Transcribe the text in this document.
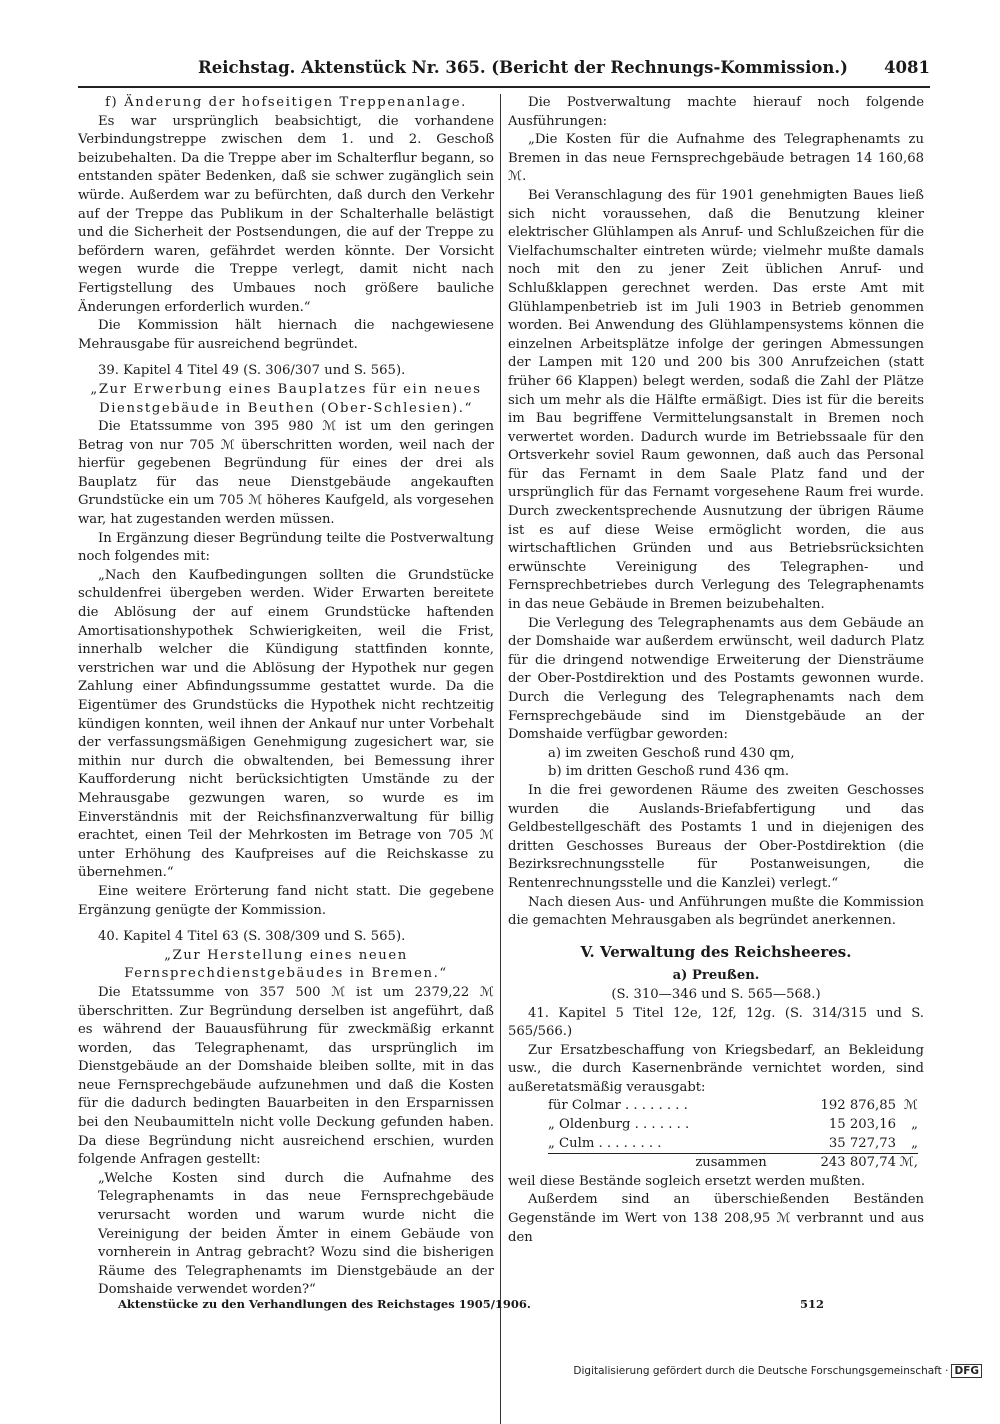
Reichstag. Aktenstück Nr. 365. (Bericht der Rechnungs-Kommission.) 4081

f) Änderung der hofseitigen Treppenanlage.

Es war ursprünglich beabsichtigt, die vorhandene Verbindungstreppe zwischen dem 1. und 2. Geschoß beizubehalten. Da die Treppe aber im Schalterflur begann, so entstanden später Bedenken, daß sie schwer zugänglich sein würde. Außerdem war zu befürchten, daß durch den Verkehr auf der Treppe das Publikum in der Schalterhalle belästigt und die Sicherheit der Postsendungen, die auf der Treppe zu befördern waren, gefährdet werden könnte. Der Vorsicht wegen wurde die Treppe verlegt, damit nicht nach Fertigstellung des Umbaues noch größere bauliche Änderungen erforderlich wurden.“

Die Kommission hält hiernach die nachgewiesene Mehrausgabe für ausreichend begründet.

39. Kapitel 4 Titel 49 (S. 306/307 und S. 565).

„Zur Erwerbung eines Bauplatzes für ein neues Dienstgebäude in Beuthen (Ober-Schlesien).“

Die Etatssumme von 395 980 ℳ ist um den geringen Betrag von nur 705 ℳ überschritten worden, weil nach der hierfür gegebenen Begründung für eines der drei als Bauplatz für das neue Dienstgebäude angekauften Grundstücke ein um 705 ℳ höheres Kaufgeld, als vorgesehen war, hat zugestanden werden müssen.

In Ergänzung dieser Begründung teilte die Postverwaltung noch folgendes mit:

„Nach den Kaufbedingungen sollten die Grundstücke schuldenfrei übergeben werden. Wider Erwarten bereitete die Ablösung der auf einem Grundstücke haftenden Amortisationshypothek Schwierigkeiten, weil die Frist, innerhalb welcher die Kündigung stattfinden konnte, verstrichen war und die Ablösung der Hypothek nur gegen Zahlung einer Abfindungssumme gestattet wurde. Da die Eigentümer des Grundstücks die Hypothek nicht rechtzeitig kündigen konnten, weil ihnen der Ankauf nur unter Vorbehalt der verfassungsmäßigen Genehmigung zugesichert war, sie mithin nur durch die obwaltenden, bei Bemessung ihrer Kaufforderung nicht berücksichtigten Umstände zu der Mehrausgabe gezwungen waren, so wurde es im Einverständnis mit der Reichsfinanzverwaltung für billig erachtet, einen Teil der Mehrkosten im Betrage von 705 ℳ unter Erhöhung des Kaufpreises auf die Reichskasse zu übernehmen.“

Eine weitere Erörterung fand nicht statt. Die gegebene Ergänzung genügte der Kommission.

40. Kapitel 4 Titel 63 (S. 308/309 und S. 565).

„Zur Herstellung eines neuen Fernsprechdienstgebäudes in Bremen.“

Die Etatssumme von 357 500 ℳ ist um 2379,22 ℳ überschritten. Zur Begründung derselben ist angeführt, daß es während der Bauausführung für zweckmäßig erkannt worden, das Telegraphenamt, das ursprünglich im Dienstgebäude an der Domshaide bleiben sollte, mit in das neue Fernsprechgebäude aufzunehmen und daß die Kosten für die dadurch bedingten Bauarbeiten in den Ersparnissen bei den Neubaumitteln nicht volle Deckung gefunden haben. Da diese Begründung nicht ausreichend erschien, wurden folgende Anfragen gestellt:

„Welche Kosten sind durch die Aufnahme des Telegraphenamts in das neue Fernsprechgebäude verursacht worden und warum wurde nicht die Vereinigung der beiden Ämter in einem Gebäude von vornherein in Antrag gebracht? Wozu sind die bisherigen Räume des Telegraphenamts im Dienstgebäude an der Domshaide verwendet worden?“

Die Postverwaltung machte hierauf noch folgende Ausführungen:

„Die Kosten für die Aufnahme des Telegraphenamts zu Bremen in das neue Fernsprechgebäude betragen 14 160,68 ℳ.

Bei Veranschlagung des für 1901 genehmigten Baues ließ sich nicht voraussehen, daß die Benutzung kleiner elektrischer Glühlampen als Anruf- und Schlußzeichen für die Vielfachumschalter eintreten würde; vielmehr mußte damals noch mit den zu jener Zeit üblichen Anruf- und Schlußklappen gerechnet werden. Das erste Amt mit Glühlampenbetrieb ist im Juli 1903 in Betrieb genommen worden. Bei Anwendung des Glühlampensystems können die einzelnen Arbeitsplätze infolge der geringen Abmessungen der Lampen mit 120 und 200 bis 300 Anrufzeichen (statt früher 66 Klappen) belegt werden, sodaß die Zahl der Plätze sich um mehr als die Hälfte ermäßigt. Dies ist für die bereits im Bau begriffene Vermittelungsanstalt in Bremen noch verwertet worden. Dadurch wurde im Betriebssaale für den Ortsverkehr soviel Raum gewonnen, daß auch das Personal für das Fernamt in dem Saale Platz fand und der ursprünglich für das Fernamt vorgesehene Raum frei wurde. Durch zweckentsprechende Ausnutzung der übrigen Räume ist es auf diese Weise ermöglicht worden, die aus wirtschaftlichen Gründen und aus Betriebsrücksichten erwünschte Vereinigung des Telegraphen- und Fernsprechbetriebes durch Verlegung des Telegraphenamts in das neue Gebäude in Bremen beizubehalten.

Die Verlegung des Telegraphenamts aus dem Gebäude an der Domshaide war außerdem erwünscht, weil dadurch Platz für die dringend notwendige Erweiterung der Diensträume der Ober-Postdirektion und des Postamts gewonnen wurde. Durch die Verlegung des Telegraphenamts nach dem Fernsprechgebäude sind im Dienstgebäude an der Domshaide verfügbar geworden:

a) im zweiten Geschoß rund 430 qm,

b) im dritten Geschoß rund 436 qm.

In die frei gewordenen Räume des zweiten Geschosses wurden die Auslands-Briefabfertigung und das Geldbestellgeschäft des Postamts 1 und in diejenigen des dritten Geschosses Bureaus der Ober-Postdirektion (die Bezirksrechnungsstelle für Postanweisungen, die Rentenrechnungsstelle und die Kanzlei) verlegt.“

Nach diesen Aus- und Anführungen mußte die Kommission die gemachten Mehrausgaben als begründet anerkennen.

V. Verwaltung des Reichsheeres.
a) Preußen.
(S. 310—346 und S. 565—568.)

41. Kapitel 5 Titel 12e, 12f, 12g. (S. 314/315 und S. 565/566.)

Zur Ersatzbeschaffung von Kriegsbedarf, an Bekleidung usw., die durch Kasernenbrände vernichtet worden, sind außeretatsmäßig verausgabt:

für Colmar . . . . . . . .	192 876,85	ℳ
„ Oldenburg . . . . . . .	15 203,16	„
„ Culm . . . . . . . .	35 727,73	„
zusammen	243 807,74	ℳ,

weil diese Bestände sogleich ersetzt werden mußten.

Außerdem sind an überschießenden Beständen Gegenstände im Wert von 138 208,95 ℳ verbrannt und aus den

Aktenstücke zu den Verhandlungen des Reichstages 1905/1906.	512
Digitalisierung gefördert durch die Deutsche Forschungsgemeinschaft · DFG
